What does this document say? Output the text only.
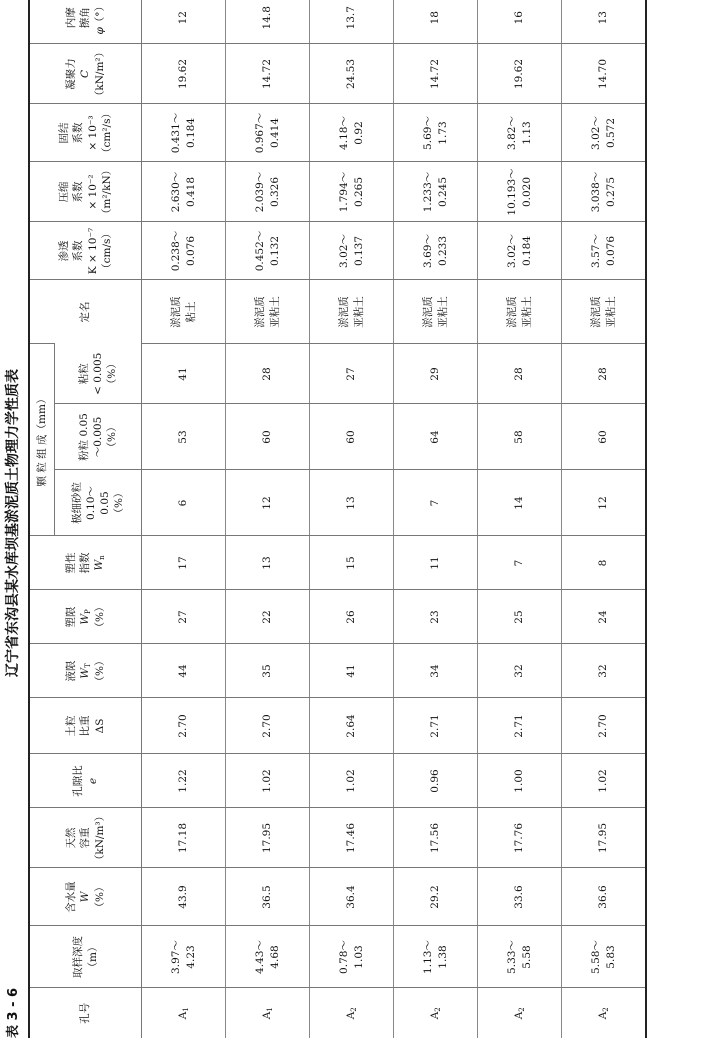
表 3 - 6
辽宁省东沟县某水库坝基淤泥质土物理力学性质表
孔号	取样深度
（m）	含水量 W （%）	天然
容重 （kN/m³）	孔隙比 e	土粒
比重 ΔS	液限 $W_T$ （%）	塑限 $W_P$ （%）	塑性
指数 $W_n$	颗 粒 组 成（mm）			定名	渗透
系数
K × 10⁻⁷
（cm/s）	压缩
系数
× 10⁻²
（m²/kN）	固结
系数
× 10⁻³
（cm²/s）	凝聚力 C （kN/m²）	内摩
擦角
φ（°）

									极细砂粒
0.10～
0.05
（%）	粉粒 0.05
～0.005
（%）	粘粒
< 0.005
（%）						

$A_1$	3.97～
4.23	43.9	17.18	1.22	2.70	44	27	17	6	53	41	淤泥质
粘土	0.238～
0.076	2.630～
0.418	0.431～
0.184	19.62	12

$A_1$	4.43～
4.68	36.5	17.95	1.02	2.70	35	22	13	12	60	28	淤泥质
亚粘土	0.452～
0.132	2.039～
0.326	0.967～
0.414	14.72	14.8

$A_2$	0.78～
1.03	36.4	17.46	1.02	2.64	41	26	15	13	60	27	淤泥质
亚粘土	3.02～
0.137	1.794～
0.265	4.18～
0.92	24.53	13.7

$A_2$	1.13～
1.38	29.2	17.56	0.96	2.71	34	23	11	7	64	29	淤泥质
亚粘土	3.69～
0.233	1.233～
0.245	5.69～
1.73	14.72	18

$A_2$	5.33～
5.58	33.6	17.76	1.00	2.71	32	25	7	14	58	28	淤泥质
亚粘土	3.02～
0.184	10.193～
0.020	3.82～
1.13	19.62	16

$A_2$	5.58～
5.83	36.6	17.95	1.02	2.70	32	24	8	12	60	28	淤泥质
亚粘土	3.57～
0.076	3.038～
0.275	3.02～
0.572	14.70	13
